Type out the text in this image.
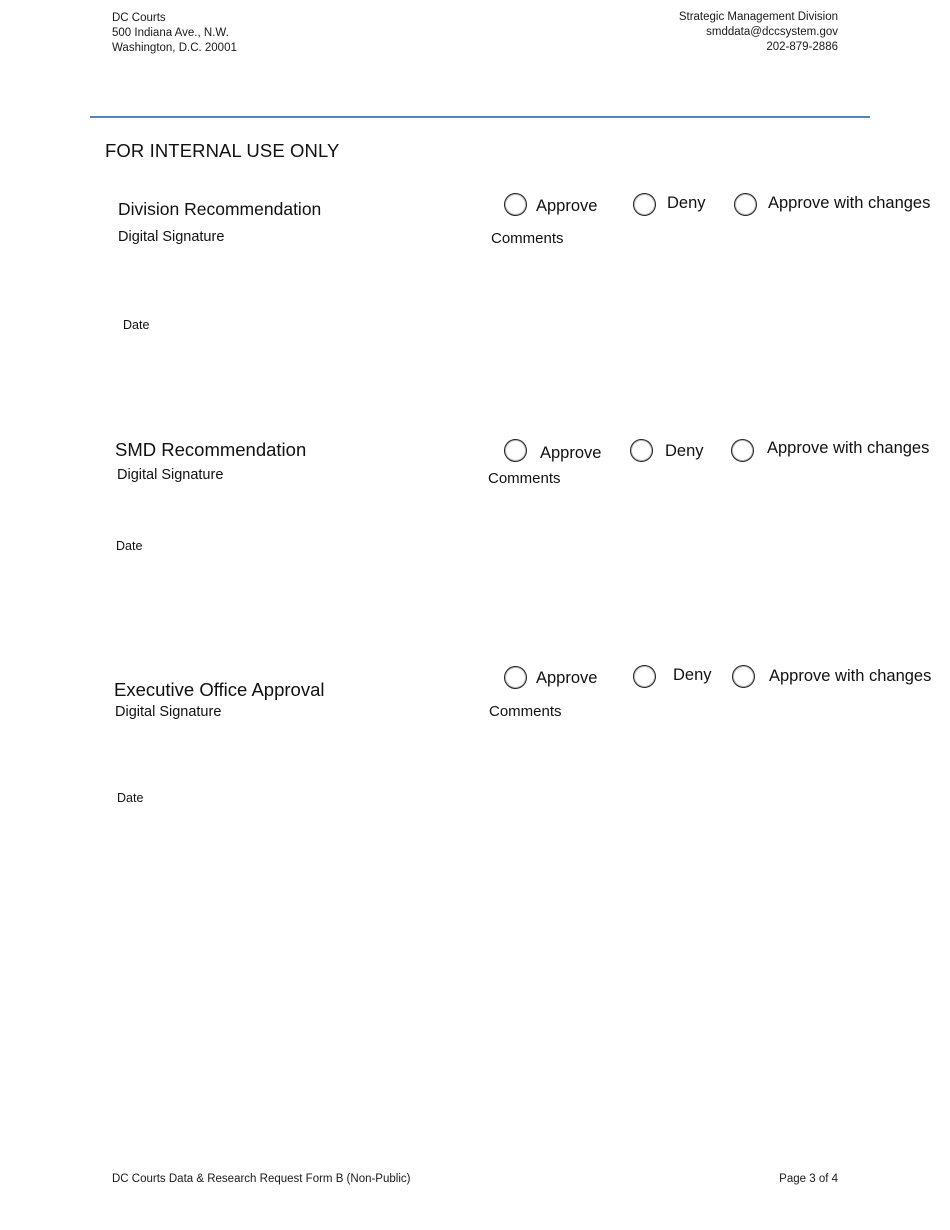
DC Courts
500 Indiana Ave., N.W.
Washington, D.C. 20001
Strategic Management Division
smddata@dccsystem.gov
202-879-2886
FOR INTERNAL USE ONLY
Division Recommendation
Digital Signature
Date
Approve	Deny	Approve with changes
Comments
SMD Recommendation
Digital Signature
Date
Approve	Deny	Approve with changes
Comments
Executive Office Approval
Digital Signature
Date
Approve	Deny	Approve with changes
Comments
DC Courts Data & Research Request Form B (Non-Public)	Page 3 of 4
